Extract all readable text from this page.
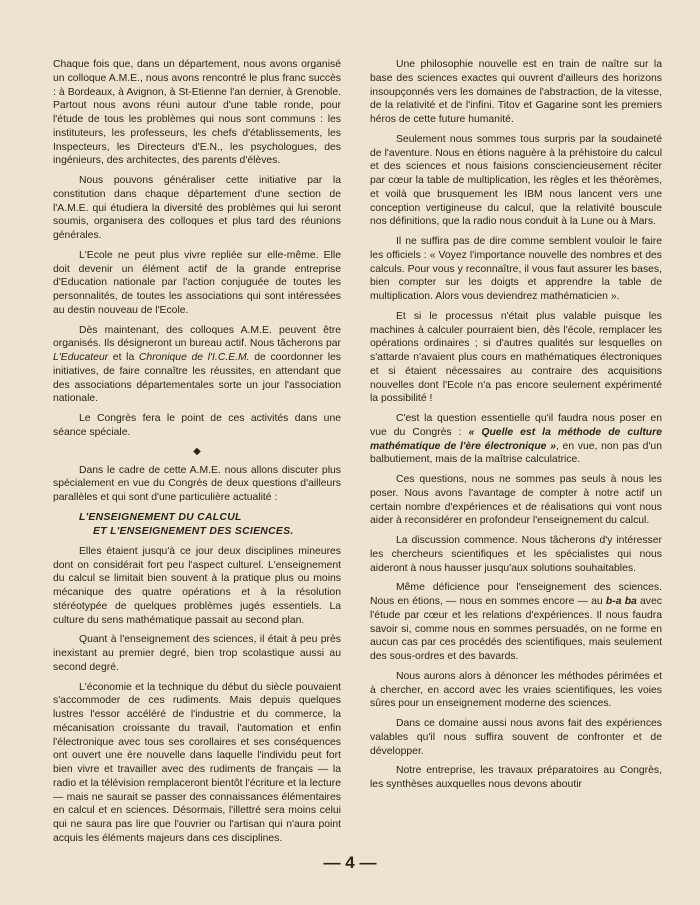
Chaque fois que, dans un département, nous avons organisé un colloque A.M.E., nous avons rencontré le plus franc succès : à Bordeaux, à Avignon, à St-Etienne l'an dernier, à Grenoble. Partout nous avons réuni autour d'une table ronde, pour l'étude de tous les problèmes qui nous sont communs : les instituteurs, les professeurs, les chefs d'établissements, les Inspecteurs, les Directeurs d'E.N., les psychologues, des ingénieurs, des architectes, des parents d'élèves.

Nous pouvons généraliser cette initiative par la constitution dans chaque département d'une section de l'A.M.E. qui étudiera la diversité des problèmes qui lui seront soumis, organisera des colloques et plus tard des réunions générales.

L'Ecole ne peut plus vivre repliée sur elle-même. Elle doit devenir un élément actif de la grande entreprise d'Education nationale par l'action conjuguée de toutes les personnalités, de toutes les associations qui sont intéressées au destin nouveau de l'Ecole.

Dès maintenant, des colloques A.M.E. peuvent être organisés. Ils désigneront un bureau actif. Nous tâcherons par L'Educateur et la Chronique de l'I.C.E.M. de coordonner les initiatives, de faire connaître les réussites, en attendant que des associations départementales sorte un jour l'association nationale.

Le Congrès fera le point de ces activités dans une séance spéciale.

◆

Dans le cadre de cette A.M.E. nous allons discuter plus spécialement en vue du Congrès de deux questions d'ailleurs parallèles et qui sont d'une particulière actualité :

L'ENSEIGNEMENT DU CALCUL
ET L'ENSEIGNEMENT DES SCIENCES.

Elles étaient jusqu'à ce jour deux disciplines mineures dont on considérait fort peu l'aspect culturel. L'enseignement du calcul se limitait bien souvent à la pratique plus ou moins mécanique des quatre opérations et à la résolution stéréotypée de quelques problèmes jugés essentiels. La culture du sens mathématique passait au second plan.

Quant à l'enseignement des sciences, il était à peu près inexistant au premier degré, bien trop scolastique aussi au second degré.

L'économie et la technique du début du siècle pouvaient s'accommoder de ces rudiments. Mais depuis quelques lustres l'essor accéléré de l'industrie et du commerce, la mécanisation croissante du travail, l'automation et enfin l'électronique avec tous ses corollaires et ses conséquences ont ouvert une ère nouvelle dans laquelle l'individu peut fort bien vivre et travailler avec des rudiments de français — la radio et la télévision remplaceront bientôt l'écriture et la lecture — mais ne saurait se passer des connaissances élémentaires en calcul et en sciences. Désormais, l'illettré sera moins celui qui ne saura pas lire que l'ouvrier ou l'artisan qui n'aura point acquis les éléments majeurs dans ces disciplines.

Une philosophie nouvelle est en train de naître sur la base des sciences exactes qui ouvrent d'ailleurs des horizons insoupçonnés vers les domaines de l'abstraction, de la vitesse, de la relativité et de l'infini. Titov et Gagarine sont les premiers héros de cette future humanité.

Seulement nous sommes tous surpris par la soudaineté de l'aventure. Nous en étions naguère à la préhistoire du calcul et des sciences et nous faisions consciencieusement réciter par cœur la table de multiplication, les règles et les théorèmes, et voilà que brusquement les IBM nous lancent vers une conception vertigineuse du calcul, que la relativité bouscule nos définitions, que la radio nous conduit à la Lune ou à Mars.

Il ne suffira pas de dire comme semblent vouloir le faire les officiels : « Voyez l'importance nouvelle des nombres et des calculs. Pour vous y reconnaître, il vous faut assurer les bases, bien compter sur les doigts et apprendre la table de multiplication. Alors vous deviendrez mathématicien ».

Et si le processus n'était plus valable puisque les machines à calculer pourraient bien, dès l'école, remplacer les opérations ordinaires ; si d'autres qualités sur lesquelles on s'attarde n'avaient plus cours en mathématiques électroniques et si étaient nécessaires au contraire des acquisitions nouvelles dont l'Ecole n'a pas encore seulement expérimenté la possibilité !

C'est la question essentielle qu'il faudra nous poser en vue du Congrès : « Quelle est la méthode de culture mathématique de l'ère électronique », en vue, non pas d'un balbutiement, mais de la maîtrise calculatrice.

Ces questions, nous ne sommes pas seuls à nous les poser. Nous avons l'avantage de compter à notre actif un certain nombre d'expériences et de réalisations qui vont nous aider à reconsidérer en profondeur l'enseignement du calcul.

La discussion commence. Nous tâcherons d'y intéresser les chercheurs scientifiques et les spécialistes qui nous aideront à nous hausser jusqu'aux solutions souhaitables.

Même déficience pour l'enseignement des sciences. Nous en étions, — nous en sommes encore — au b-a ba avec l'étude par cœur et les relations d'expériences. Il nous faudra savoir si, comme nous en sommes persuadés, on ne forme en aucun cas par ces procédés des scientifiques, mais seulement des sous-ordres et des bavards.

Nous aurons alors à dénoncer les méthodes périmées et à chercher, en accord avec les vraies scientifiques, les voies sûres pour un enseignement moderne des sciences.

Dans ce domaine aussi nous avons fait des expériences valables qu'il nous suffira souvent de confronter et de développer.

Notre entreprise, les travaux préparatoires au Congrès, les synthèses auxquelles nous devons aboutir

— 4 —
